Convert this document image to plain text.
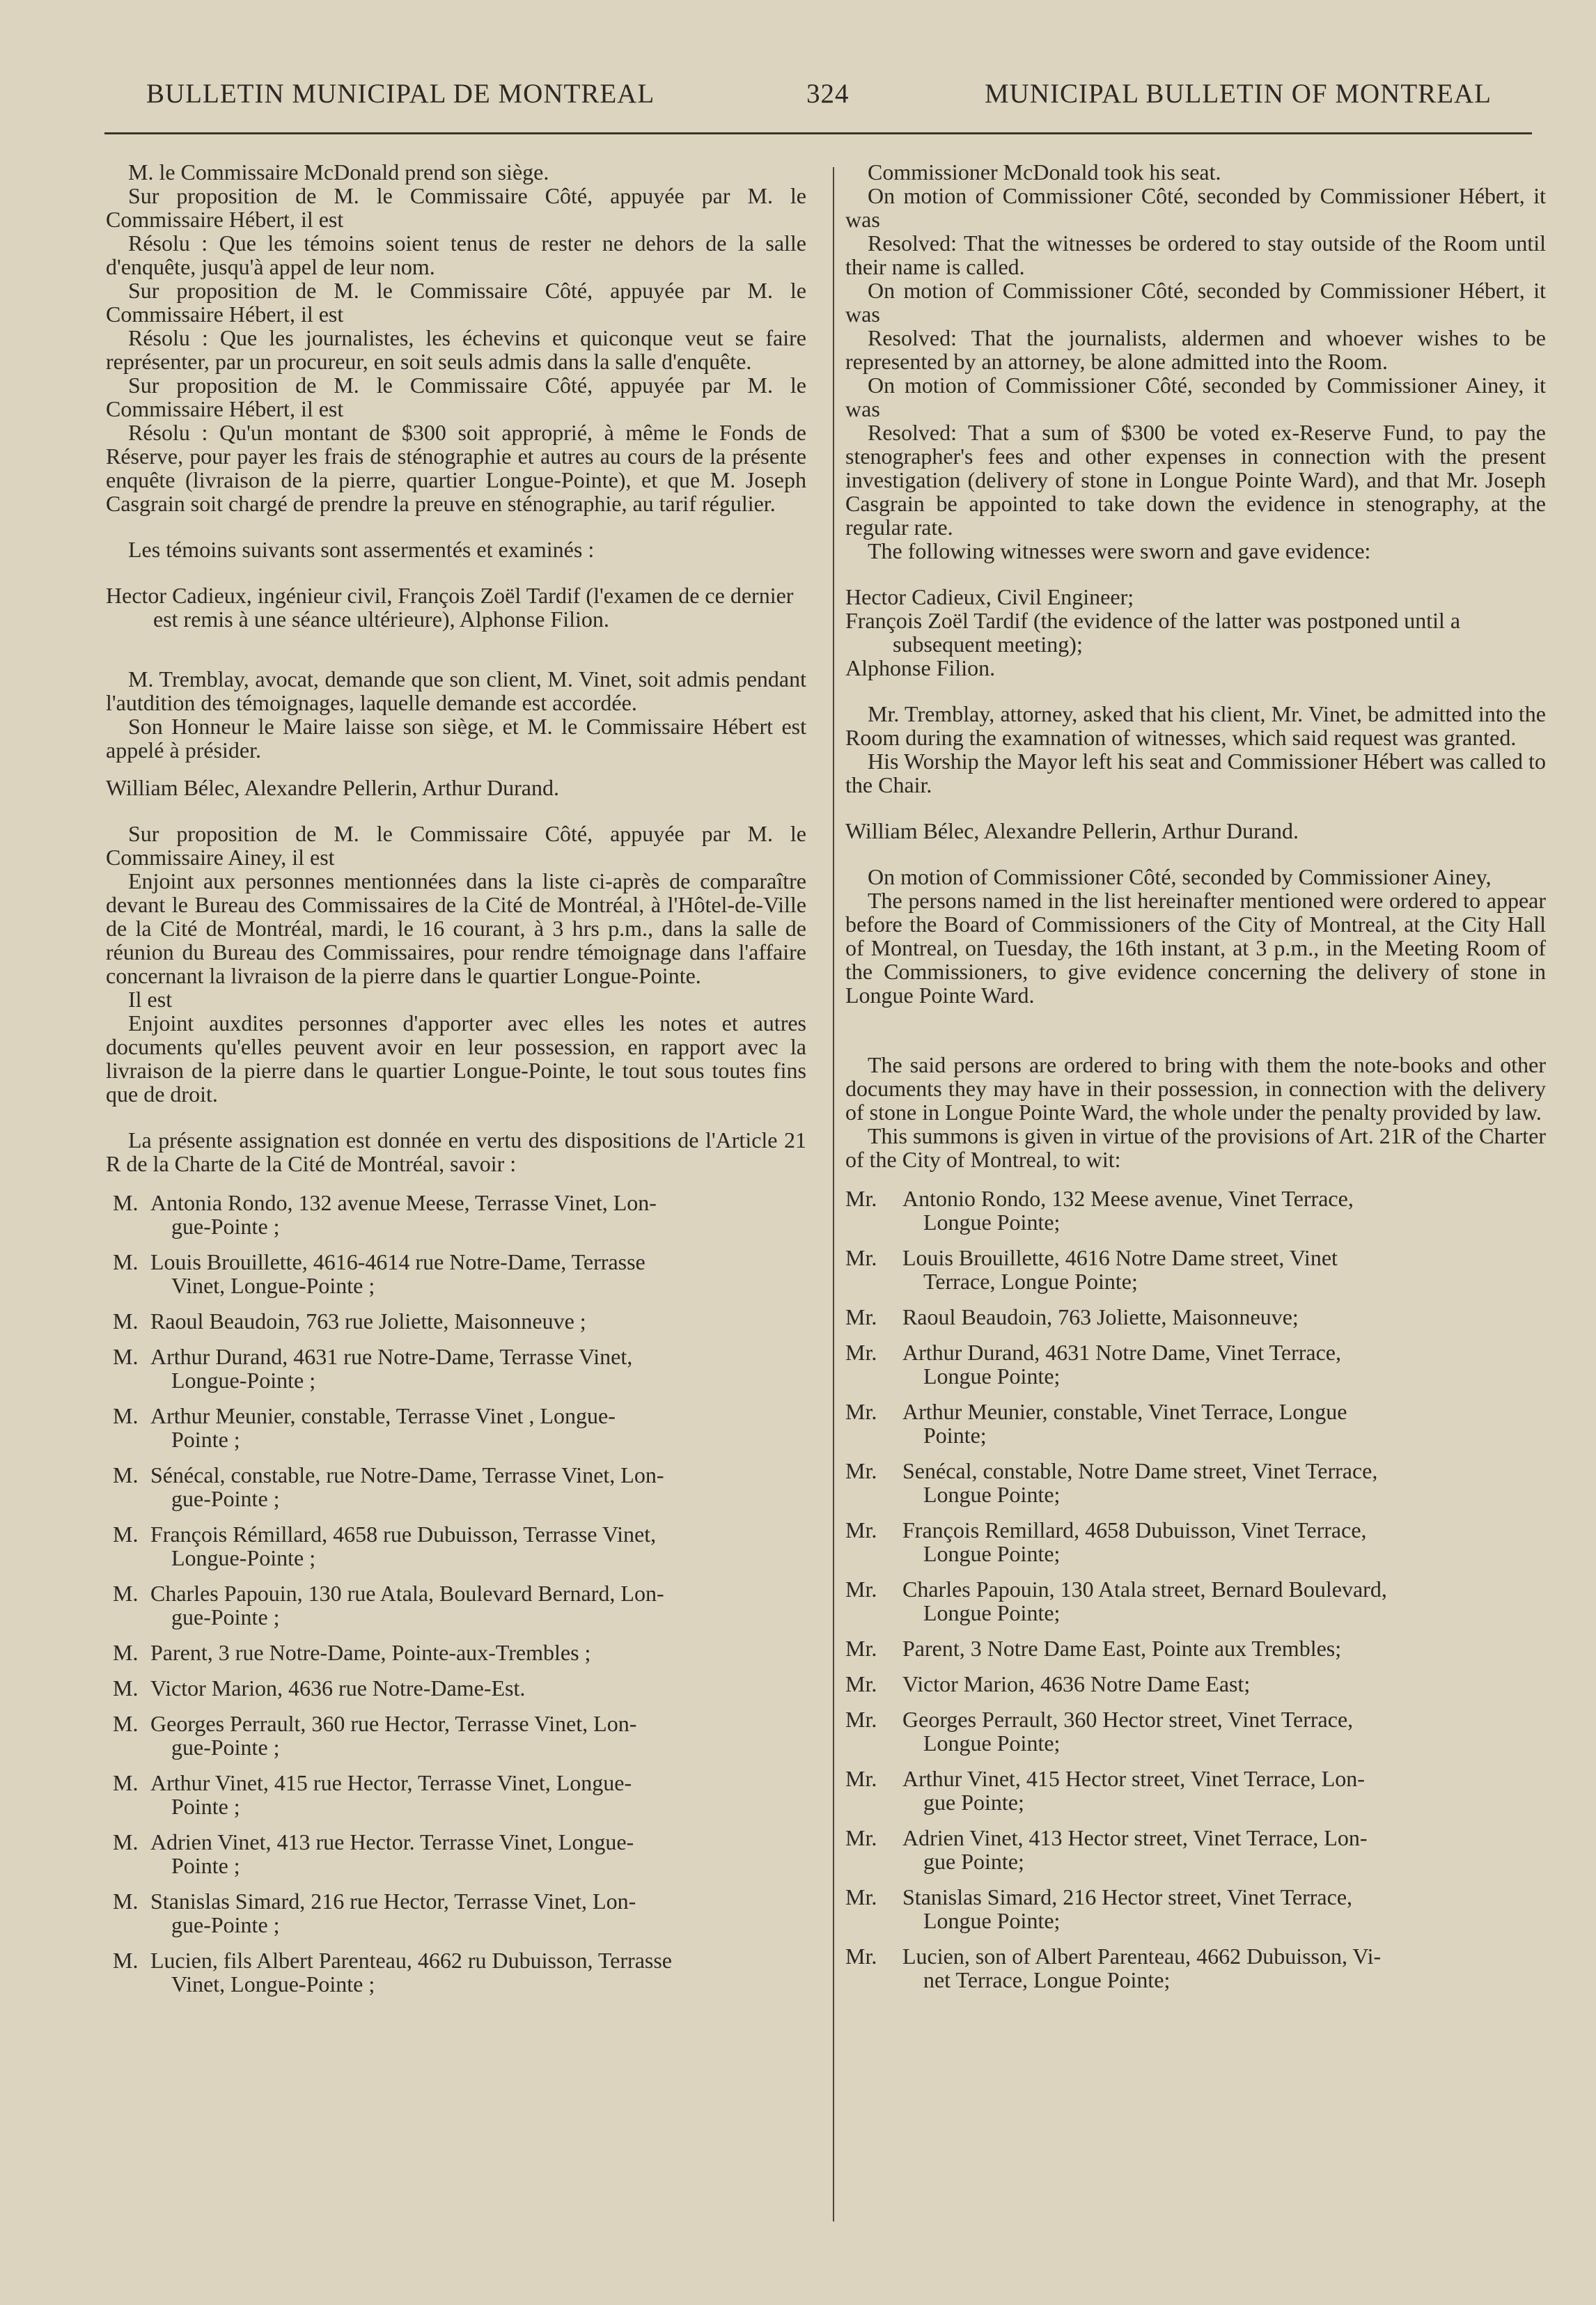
BULLETIN MUNICIPAL DE MONTREAL	324	MUNICIPAL BULLETIN OF MONTREAL

M. le Commissaire McDonald prend son siège.

Sur proposition de M. le Commissaire Côté, appuyée par M. le Commissaire Hébert, il est

Résolu : Que les témoins soient tenus de rester ne dehors de la salle d'enquête, jusqu'à appel de leur nom.

Sur proposition de M. le Commissaire Côté, appuyée par M. le Commissaire Hébert, il est

Résolu : Que les journalistes, les échevins et quiconque veut se faire représenter, par un procureur, en soit seuls admis dans la salle d'enquête.

Sur proposition de M. le Commissaire Côté, appuyée par M. le Commissaire Hébert, il est

Résolu : Qu'un montant de $300 soit approprié, à même le Fonds de Réserve, pour payer les frais de sténographie et autres au cours de la présente enquête (livraison de la pierre, quartier Longue-Pointe), et que M. Joseph Casgrain soit chargé de prendre la preuve en sténographie, au tarif régulier.

Les témoins suivants sont assermentés et examinés :

Hector Cadieux, ingénieur civil, François Zoël Tardif (l'examen de ce dernier est remis à une séance ultérieure), Alphonse Filion.

M. Tremblay, avocat, demande que son client, M. Vinet, soit admis pendant l'autdition des témoignages, laquelle demande est accordée.

Son Honneur le Maire laisse son siège, et M. le Commissaire Hébert est appelé à présider.

William Bélec, Alexandre Pellerin, Arthur Durand.

Sur proposition de M. le Commissaire Côté, appuyée par M. le Commissaire Ainey, il est

Enjoint aux personnes mentionnées dans la liste ci-après de comparaître devant le Bureau des Commissaires de la Cité de Montréal, à l'Hôtel-de-Ville de la Cité de Montréal, mardi, le 16 courant, à 3 hrs p.m., dans la salle de réunion du Bureau des Commissaires, pour rendre témoignage dans l'affaire concernant la livraison de la pierre dans le quartier Longue-Pointe.

Il est

Enjoint auxdites personnes d'apporter avec elles les notes et autres documents qu'elles peuvent avoir en leur possession, en rapport avec la livraison de la pierre dans le quartier Longue-Pointe, le tout sous toutes fins que de droit.

La présente assignation est donnée en vertu des dispositions de l'Article 21 R de la Charte de la Cité de Montréal, savoir :

M. Antonia Rondo, 132 avenue Meese, Terrasse Vinet, Lon-
gue-Pointe ;
M. Louis Brouillette, 4616-4614 rue Notre-Dame, Terrasse
Vinet, Longue-Pointe ;
M. Raoul Beaudoin, 763 rue Joliette, Maisonneuve ;
M. Arthur Durand, 4631 rue Notre-Dame, Terrasse Vinet,
Longue-Pointe ;
M. Arthur Meunier, constable, Terrasse Vinet , Longue-
Pointe ;
M. Sénécal, constable, rue Notre-Dame, Terrasse Vinet, Lon-
gue-Pointe ;
M. François Rémillard, 4658 rue Dubuisson, Terrasse Vinet,
Longue-Pointe ;
M. Charles Papouin, 130 rue Atala, Boulevard Bernard, Lon-
gue-Pointe ;
M. Parent, 3 rue Notre-Dame, Pointe-aux-Trembles ;
M. Victor Marion, 4636 rue Notre-Dame-Est.
M. Georges Perrault, 360 rue Hector, Terrasse Vinet, Lon-
gue-Pointe ;
M. Arthur Vinet, 415 rue Hector, Terrasse Vinet, Longue-
Pointe ;
M. Adrien Vinet, 413 rue Hector. Terrasse Vinet, Longue-
Pointe ;
M. Stanislas Simard, 216 rue Hector, Terrasse Vinet, Lon-
gue-Pointe ;
M. Lucien, fils Albert Parenteau, 4662 ru Dubuisson, Terrasse
Vinet, Longue-Pointe ;

Commissioner McDonald took his seat.

On motion of Commissioner Côté, seconded by Commissioner Hébert, it was

Resolved: That the witnesses be ordered to stay outside of the Room until their name is called.

On motion of Commissioner Côté, seconded by Commissioner Hébert, it was

Resolved: That the journalists, aldermen and whoever wishes to be represented by an attorney, be alone admitted into the Room.

On motion of Commissioner Côté, seconded by Commissioner Ainey, it was

Resolved: That a sum of $300 be voted ex-Reserve Fund, to pay the stenographer's fees and other expenses in connection with the present investigation (delivery of stone in Longue Pointe Ward), and that Mr. Joseph Casgrain be appointed to take down the evidence in stenography, at the regular rate.

The following witnesses were sworn and gave evidence:

Hector Cadieux, Civil Engineer;

François Zoël Tardif (the evidence of the latter was postponed until a subsequent meeting);

Alphonse Filion.

Mr. Tremblay, attorney, asked that his client, Mr. Vinet, be admitted into the Room during the examnation of witnesses, which said request was granted.

His Worship the Mayor left his seat and Commissioner Hébert was called to the Chair.

William Bélec, Alexandre Pellerin, Arthur Durand.

On motion of Commissioner Côté, seconded by Commissioner Ainey,

The persons named in the list hereinafter mentioned were ordered to appear before the Board of Commissioners of the City of Montreal, at the City Hall of Montreal, on Tuesday, the 16th instant, at 3 p.m., in the Meeting Room of the Commissioners, to give evidence concerning the delivery of stone in Longue Pointe Ward.

The said persons are ordered to bring with them the note-books and other documents they may have in their possession, in connection with the delivery of stone in Longue Pointe Ward, the whole under the penalty provided by law.

This summons is given in virtue of the provisions of Art. 21R of the Charter of the City of Montreal, to wit:

Mr.	Antonio Rondo, 132 Meese avenue, Vinet Terrace,
Longue Pointe;
Mr.	Louis Brouillette, 4616 Notre Dame street, Vinet
Terrace, Longue Pointe;
Mr.	Raoul Beaudoin, 763 Joliette, Maisonneuve;
Mr.	Arthur Durand, 4631 Notre Dame, Vinet Terrace,
Longue Pointe;
Mr.	Arthur Meunier, constable, Vinet Terrace, Longue
Pointe;
Mr.	Senécal, constable, Notre Dame street, Vinet Terrace,
Longue Pointe;
Mr.	François Remillard, 4658 Dubuisson, Vinet Terrace,
Longue Pointe;
Mr.	Charles Papouin, 130 Atala street, Bernard Boulevard,
Longue Pointe;
Mr.	Parent, 3 Notre Dame East, Pointe aux Trembles;
Mr.	Victor Marion, 4636 Notre Dame East;
Mr.	Georges Perrault, 360 Hector street, Vinet Terrace,
Longue Pointe;
Mr.	Arthur Vinet, 415 Hector street, Vinet Terrace, Lon-
gue Pointe;
Mr.	Adrien Vinet, 413 Hector street, Vinet Terrace, Lon-
gue Pointe;
Mr.	Stanislas Simard, 216 Hector street, Vinet Terrace,
Longue Pointe;
Mr.	Lucien, son of Albert Parenteau, 4662 Dubuisson, Vi-
net Terrace, Longue Pointe;
